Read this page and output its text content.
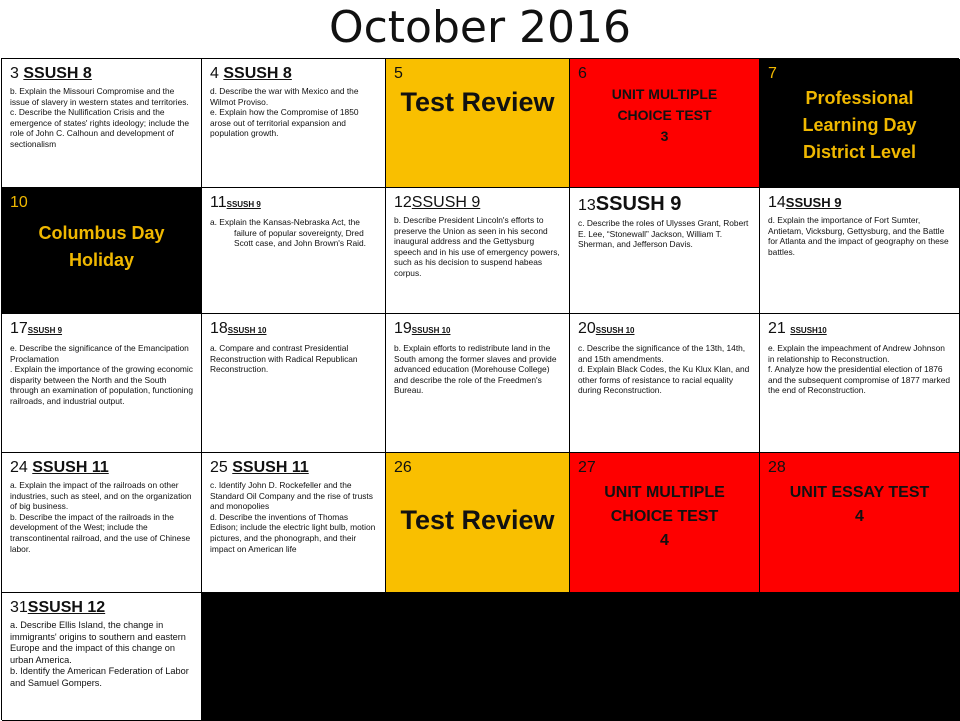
October 2016
3 SSUSH 8

b. Explain the Missouri Compromise and the issue of slavery in western states and territories.

c. Describe the Nullification Crisis and the emergence of states' rights ideology; include the role of John C. Calhoun and development of sectionalism

4 SSUSH 8

d. Describe the war with Mexico and the Wilmot Proviso.

e. Explain how the Compromise of 1850 arose out of territorial expansion and population growth.

5
Test Review
6
UNIT MULTIPLE
CHOICE TEST
3
7
Professional
Learning Day
District Level
10
Columbus Day
Holiday
11SSUSH 9

a. Explain the Kansas-Nebraska Act, the failure of popular sovereignty, Dred Scott case, and John Brown's Raid.

12SSUSH 9

b. Describe President Lincoln's efforts to preserve the Union as seen in his second inaugural address and the Gettysburg speech and in his use of emergency powers, such as his decision to suspend habeas corpus.

13SSUSH 9

c. Describe the roles of Ulysses Grant, Robert E. Lee, “Stonewall” Jackson, William T. Sherman, and Jefferson Davis.

14SSUSH 9

d. Explain the importance of Fort Sumter, Antietam, Vicksburg, Gettysburg, and the Battle for Atlanta and the impact of geography on these battles.

17SSUSH 9

e. Describe the significance of the Emancipation Proclamation

. Explain the importance of the growing economic disparity between the North and the South through an examination of population, functioning railroads, and industrial output.

18SSUSH 10

a. Compare and contrast Presidential Reconstruction with Radical Republican Reconstruction.

19SSUSH 10

b. Explain efforts to redistribute land in the South among the former slaves and provide advanced education (Morehouse College) and describe the role of the Freedmen's Bureau.

20SSUSH 10

c. Describe the significance of the 13th, 14th, and 15th amendments.

d. Explain Black Codes, the Ku Klux Klan, and other forms of resistance to racial equality during Reconstruction.

21 SSUSH10

e. Explain the impeachment of Andrew Johnson in relationship to Reconstruction.

f. Analyze how the presidential election of 1876 and the subsequent compromise of 1877 marked the end of Reconstruction.

24 SSUSH 11

a. Explain the impact of the railroads on other industries, such as steel, and on the organization of big business.

b. Describe the impact of the railroads in the development of the West; include the transcontinental railroad, and the use of Chinese labor.

25 SSUSH 11

c. Identify John D. Rockefeller and the Standard Oil Company and the rise of trusts and monopolies

d. Describe the inventions of Thomas Edison; include the electric light bulb, motion pictures, and the phonograph, and their impact on American life

26
Test Review
27
UNIT MULTIPLE
CHOICE TEST
4
28
UNIT ESSAY TEST
4
31SSUSH 12

a. Describe Ellis Island, the change in immigrants' origins to southern and eastern Europe and the impact of this change on urban America.

b. Identify the American Federation of Labor and Samuel Gompers.
